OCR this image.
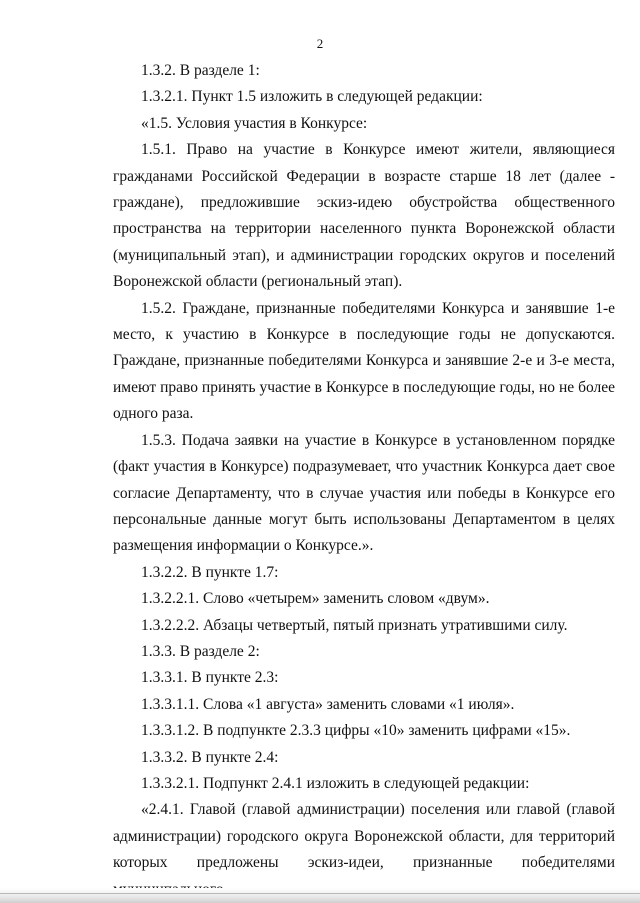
2

1.3.2. В разделе 1:

1.3.2.1. Пункт 1.5 изложить в следующей редакции:

«1.5. Условия участия в Конкурсе:

1.5.1. Право на участие в Конкурсе имеют жители, являющиеся гражданами Российской Федерации в возрасте старше 18 лет (далее - граждане), предложившие эскиз-идею обустройства общественного пространства на территории населенного пункта Воронежской области (муниципальный этап), и администрации городских округов и поселений Воронежской области (региональный этап).

1.5.2. Граждане, признанные победителями Конкурса и занявшие 1-е место, к участию в Конкурсе в последующие годы не допускаются. Граждане, признанные победителями Конкурса и занявшие 2-е и 3-е места, имеют право принять участие в Конкурсе в последующие годы, но не более одного раза.

1.5.3. Подача заявки на участие в Конкурсе в установленном порядке (факт участия в Конкурсе) подразумевает, что участник Конкурса дает свое согласие Департаменту, что в случае участия или победы в Конкурсе его персональные данные могут быть использованы Департаментом в целях размещения информации о Конкурсе.».

1.3.2.2. В пункте 1.7:

1.3.2.2.1. Слово «четырем» заменить словом «двум».

1.3.2.2.2. Абзацы четвертый, пятый признать утратившими силу.

1.3.3. В разделе 2:

1.3.3.1. В пункте 2.3:

1.3.3.1.1. Слова «1 августа» заменить словами «1 июля».

1.3.3.1.2. В подпункте 2.3.3 цифры «10» заменить цифрами «15».

1.3.3.2. В пункте 2.4:

1.3.3.2.1. Подпункт 2.4.1 изложить в следующей редакции:

«2.4.1. Главой (главой администрации) поселения или главой (главой администрации) городского округа Воронежской области, для территорий которых предложены эскиз-идеи, признанные победителями
